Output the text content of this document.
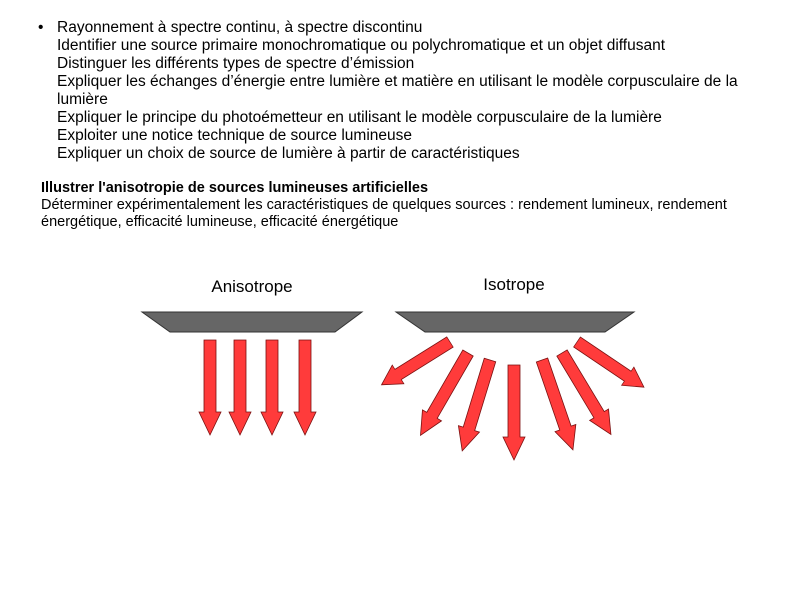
• Rayonnement à spectre continu, à spectre discontinu
Identifier une source primaire monochromatique ou polychromatique et un objet diffusant
Distinguer les différents types de spectre d’émission
Expliquer les échanges d’énergie entre lumière et matière en utilisant le modèle corpusculaire de la lumière
Expliquer le principe du photoémetteur en utilisant le modèle corpusculaire de la lumière
Exploiter une notice technique de source lumineuse
Expliquer un choix de source de lumière à partir de caractéristiques
Illustrer l'anisotropie de sources lumineuses artificielles
Déterminer expérimentalement les caractéristiques de quelques sources : rendement lumineux, rendement énergétique, efficacité lumineuse, efficacité énergétique
Anisotrope	Isotrope
